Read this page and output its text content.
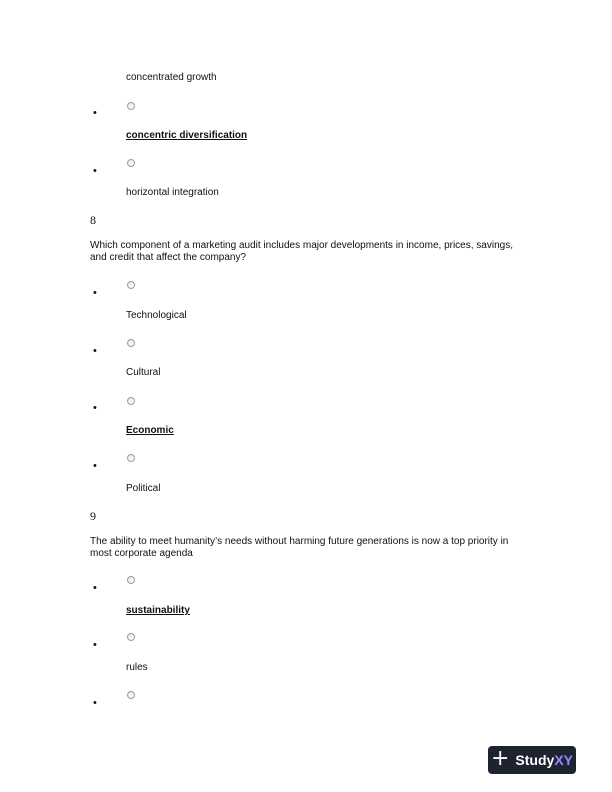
concentrated growth
•
concentric diversification
•
horizontal integration
8
Which component of a marketing audit includes major developments in income, prices, savings, and credit that affect the company?
•
Technological
•
Cultural
•
Economic
•
Political
9
The ability to meet humanity’s needs without harming future generations is now a top priority in most corporate agenda
•
sustainability
•
rules
•
+ StudyXY
